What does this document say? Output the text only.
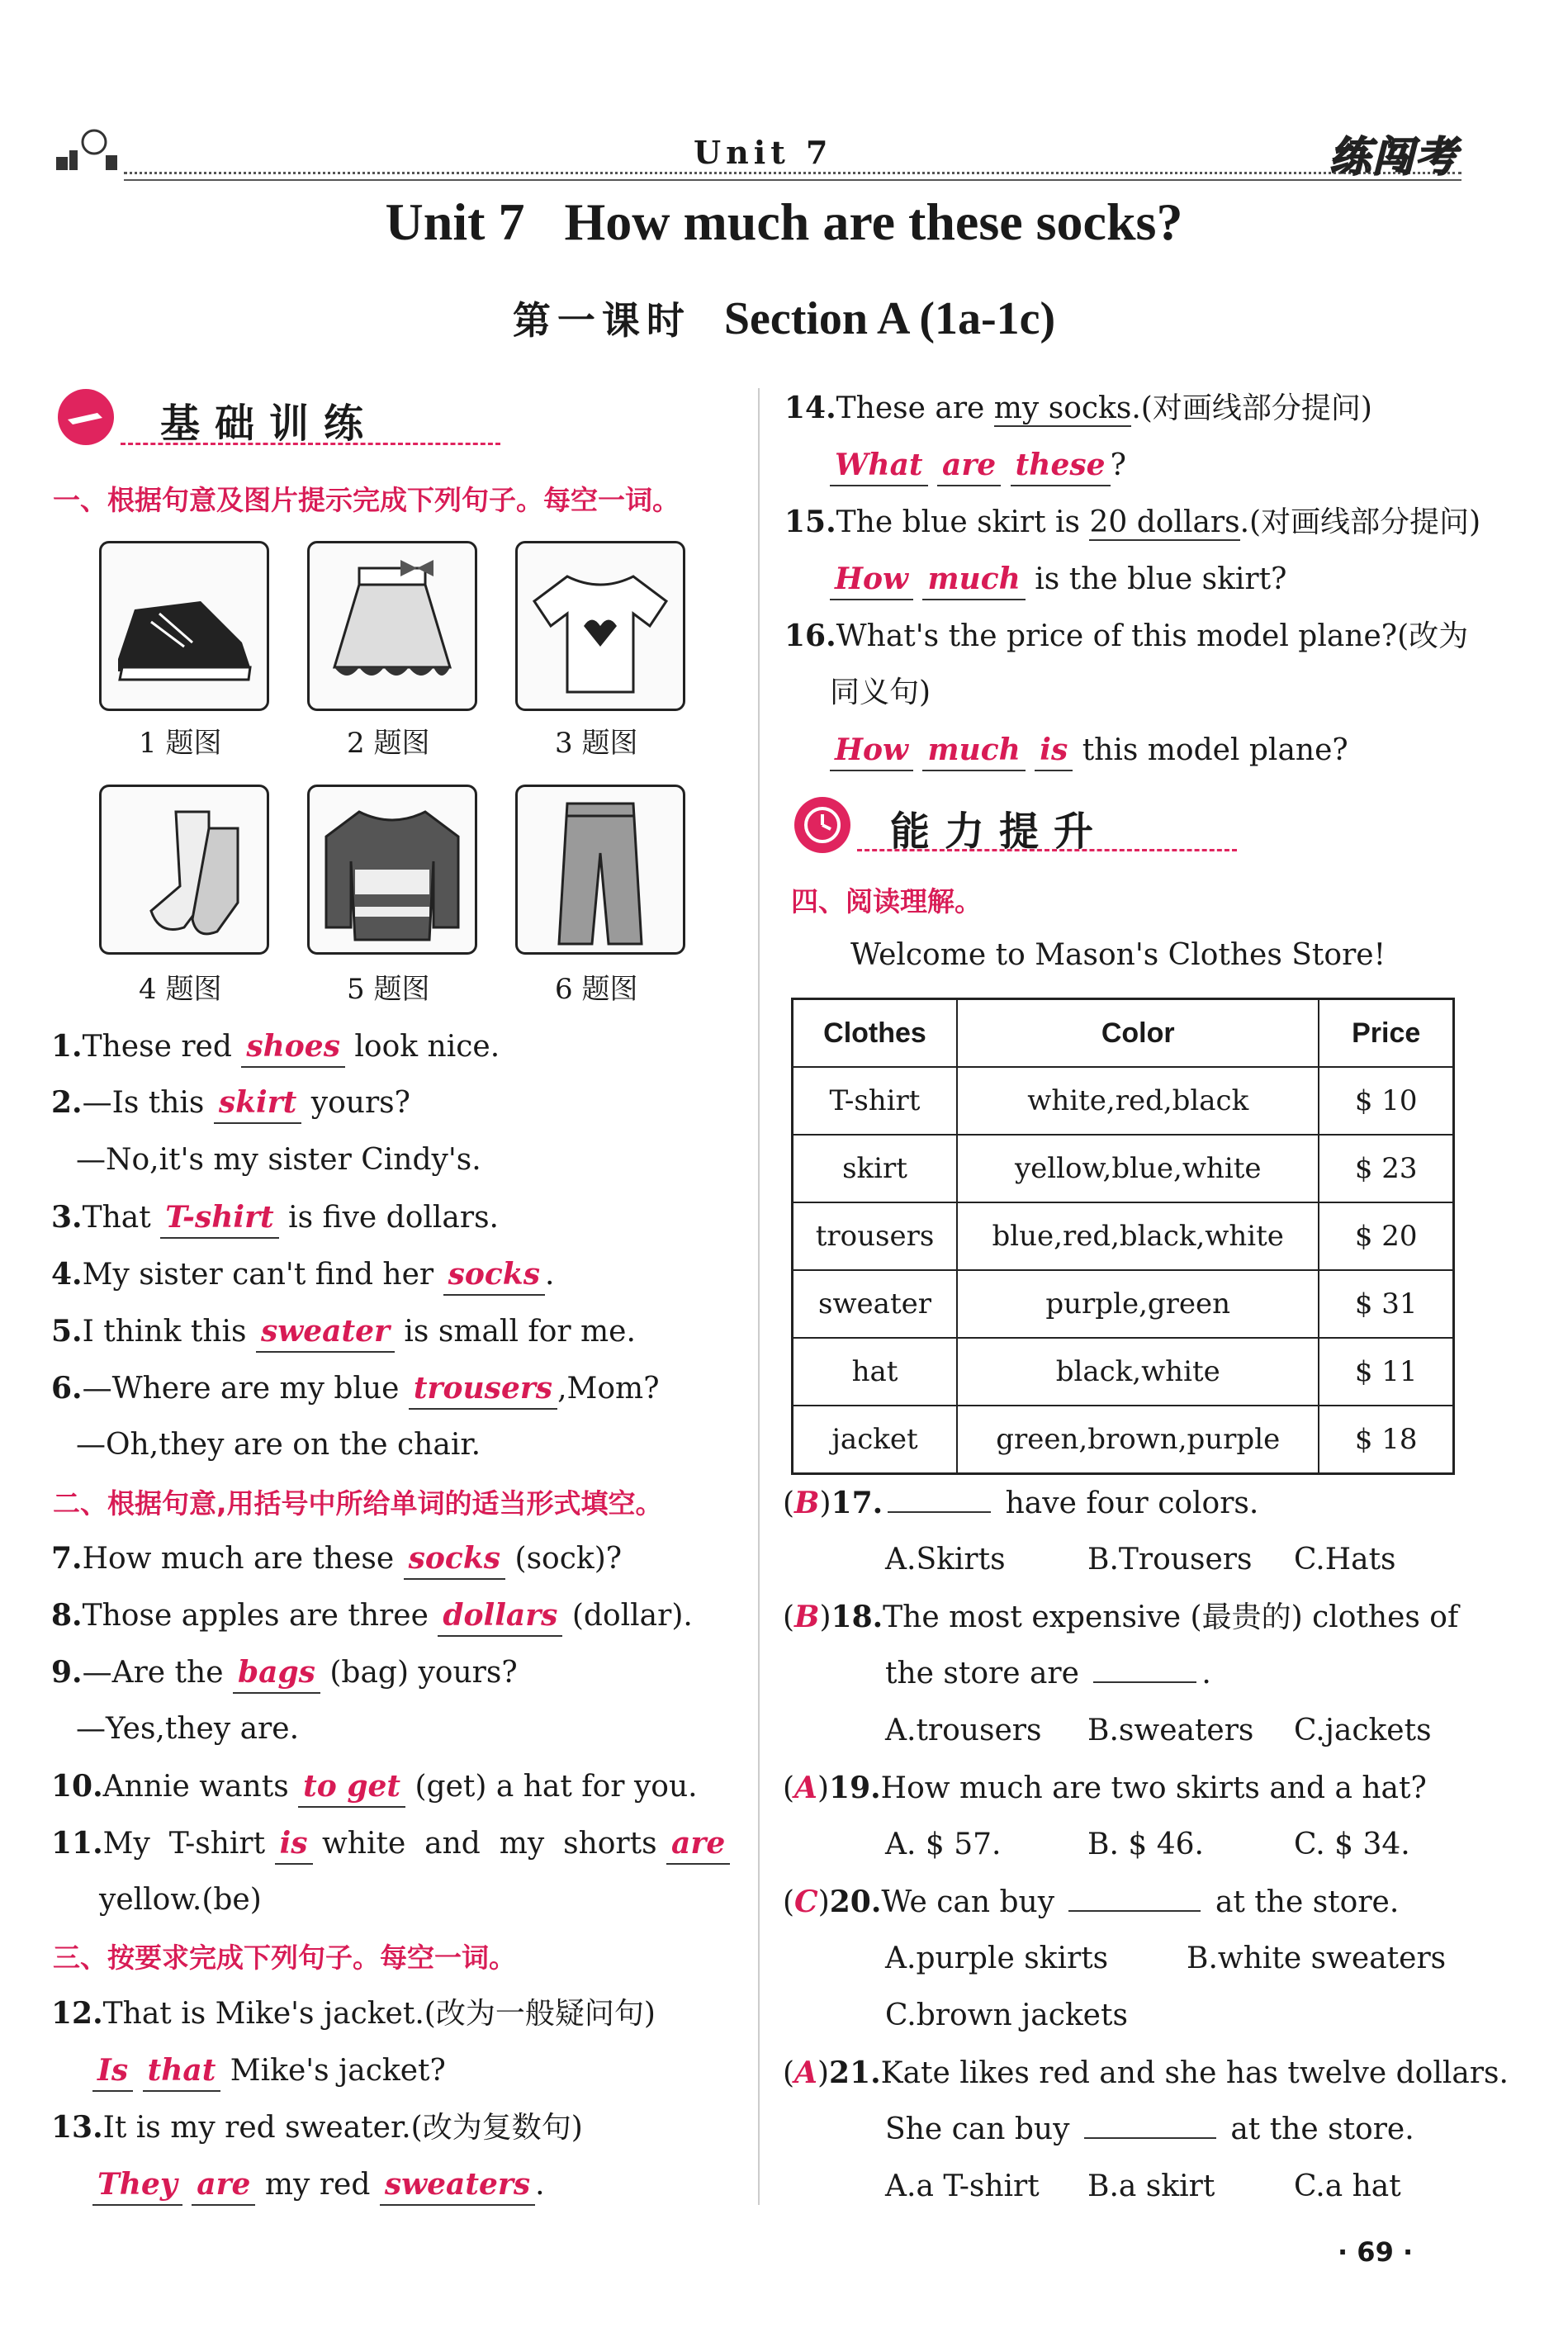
Unit 7	练闯考
Unit 7   How much are these socks?
第一课时 Section A (1a-1c)
基础训练
一、根据句意及图片提示完成下列句子。每空一词。
1 题图	2 题图	3 题图
4 题图	5 题图	6 题图
1.These red shoes look nice.
2.—Is this skirt yours?
—No,it's my sister Cindy's.
3.That T-shirt is five dollars.
4.My sister can't find her socks .
5.I think this sweater is small for me.
6.—Where are my blue trousers ,Mom?
—Oh,they are on the chair.
二、根据句意,用括号中所给单词的适当形式填空。
7.How much are these socks (sock)?
8.Those apples are three dollars (dollar).
9.—Are the bags (bag) yours?
—Yes,they are.
10.Annie wants to get (get) a hat for you.
11.My  T-shirt is white  and  my  shorts are
yellow.(be)
三、按要求完成下列句子。每空一词。
12.That is Mike's jacket.(改为一般疑问句)
Is that Mike's jacket?
13.It is my red sweater.(改为复数句)
They are my red sweaters .
14.These are my socks.(对画线部分提问)
What are these ?
15.The blue skirt is 20 dollars.(对画线部分提问)
How much is the blue skirt?
16.What's the price of this model plane?(改为
同义句)
How much is this model plane?
能力提升
四、阅读理解。
Welcome to Mason's Clothes Store!
Clothes	Color	Price
T-shirt	white,red,black	$ 10
skirt	yellow,blue,white	$ 23
trousers	blue,red,black,white	$ 20
sweater	purple,green	$ 31
hat	black,white	$ 11
jacket	green,brown,purple	$ 18
(B)17.	have four colors.
A.Skirts	B.Trousers C.Hats
(B)18.The most expensive (最贵的) clothes of
the store are	.
A.trousers B.sweaters C.jackets
(A)19.How much are two skirts and a hat?
A. $ 57.	B. $ 46.	C. $ 34.
(C)20.We can buy	at the store.
A.purple skirts	B.white sweaters
C.brown jackets
(A)21.Kate likes red and she has twelve dollars.
She can buy	at the store.
A.a T-shirt B.a skirt	C.a hat
· 69 ·
